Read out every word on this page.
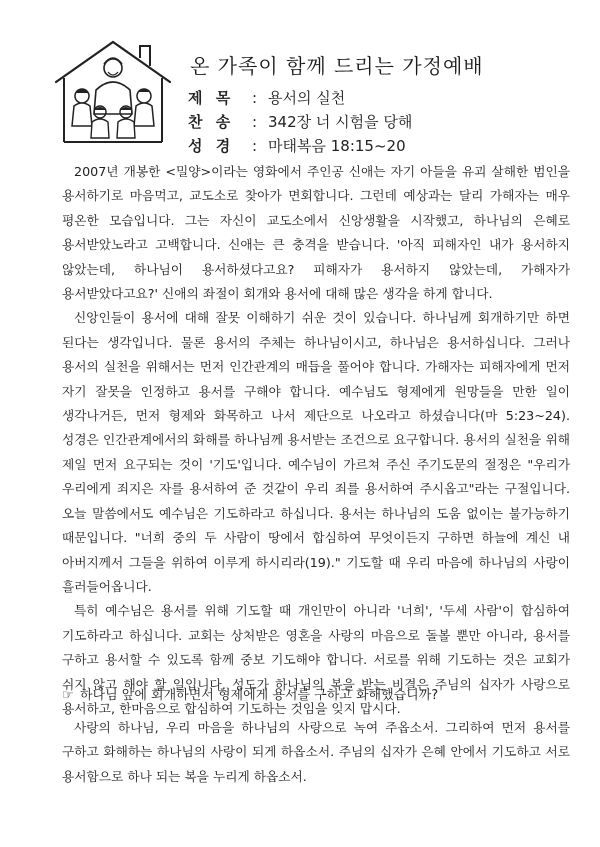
온 가족이 함께 드리는 가정예배
제 목 : 용서의 실천
찬 송 : 342장 너 시험을 당해
성 경 : 마태복음 18:15~20

2007년 개봉한 <밀양>이라는 영화에서 주인공 신애는 자기 아들을 유괴 살해한 범인을 용서하기로 마음먹고, 교도소로 찾아가 면회합니다. 그런데 예상과는 달리 가해자는 매우 평온한 모습입니다. 그는 자신이 교도소에서 신앙생활을 시작했고, 하나님의 은혜로 용서받았노라고 고백합니다. 신애는 큰 충격을 받습니다. '아직 피해자인 내가 용서하지 않았는데, 하나님이 용서하셨다고요? 피해자가 용서하지 않았는데, 가해자가 용서받았다고요?' 신애의 좌절이 회개와 용서에 대해 많은 생각을 하게 합니다.

신앙인들이 용서에 대해 잘못 이해하기 쉬운 것이 있습니다. 하나님께 회개하기만 하면 된다는 생각입니다. 물론 용서의 주체는 하나님이시고, 하나님은 용서하십니다. 그러나 용서의 실천을 위해서는 먼저 인간관계의 매듭을 풀어야 합니다. 가해자는 피해자에게 먼저 자기 잘못을 인정하고 용서를 구해야 합니다. 예수님도 형제에게 원망들을 만한 일이 생각나거든, 먼저 형제와 화목하고 나서 제단으로 나오라고 하셨습니다(마 5:23~24). 성경은 인간관계에서의 화해를 하나님께 용서받는 조건으로 요구합니다. 용서의 실천을 위해 제일 먼저 요구되는 것이 '기도'입니다. 예수님이 가르쳐 주신 주기도문의 절정은 "우리가 우리에게 죄지은 자를 용서하여 준 것같이 우리 죄를 용서하여 주시옵고"라는 구절입니다. 오늘 말씀에서도 예수님은 기도하라고 하십니다. 용서는 하나님의 도움 없이는 불가능하기 때문입니다. "너희 중의 두 사람이 땅에서 합심하여 무엇이든지 구하면 하늘에 계신 내 아버지께서 그들을 위하여 이루게 하시리라(19)." 기도할 때 우리 마음에 하나님의 사랑이 흘러들어옵니다.

특히 예수님은 용서를 위해 기도할 때 개인만이 아니라 '너희', '두세 사람'이 합심하여 기도하라고 하십니다. 교회는 상처받은 영혼을 사랑의 마음으로 돌볼 뿐만 아니라, 용서를 구하고 용서할 수 있도록 함께 중보 기도해야 합니다. 서로를 위해 기도하는 것은 교회가 쉬지 않고 해야 할 일입니다. 성도가 하나님의 복을 받는 비결은 주님의 십자가 사랑으로 용서하고, 한마음으로 합심하여 기도하는 것임을 잊지 맙시다.

☞ 하나님 앞에 회개하면서 형제에게 용서를 구하고 화해했습니까?
사랑의 하나님, 우리 마음을 하나님의 사랑으로 녹여 주옵소서. 그리하여 먼저 용서를 구하고 화해하는 하나님의 사랑이 되게 하옵소서. 주님의 십자가 은혜 안에서 기도하고 서로 용서함으로 하나 되는 복을 누리게 하옵소서.
